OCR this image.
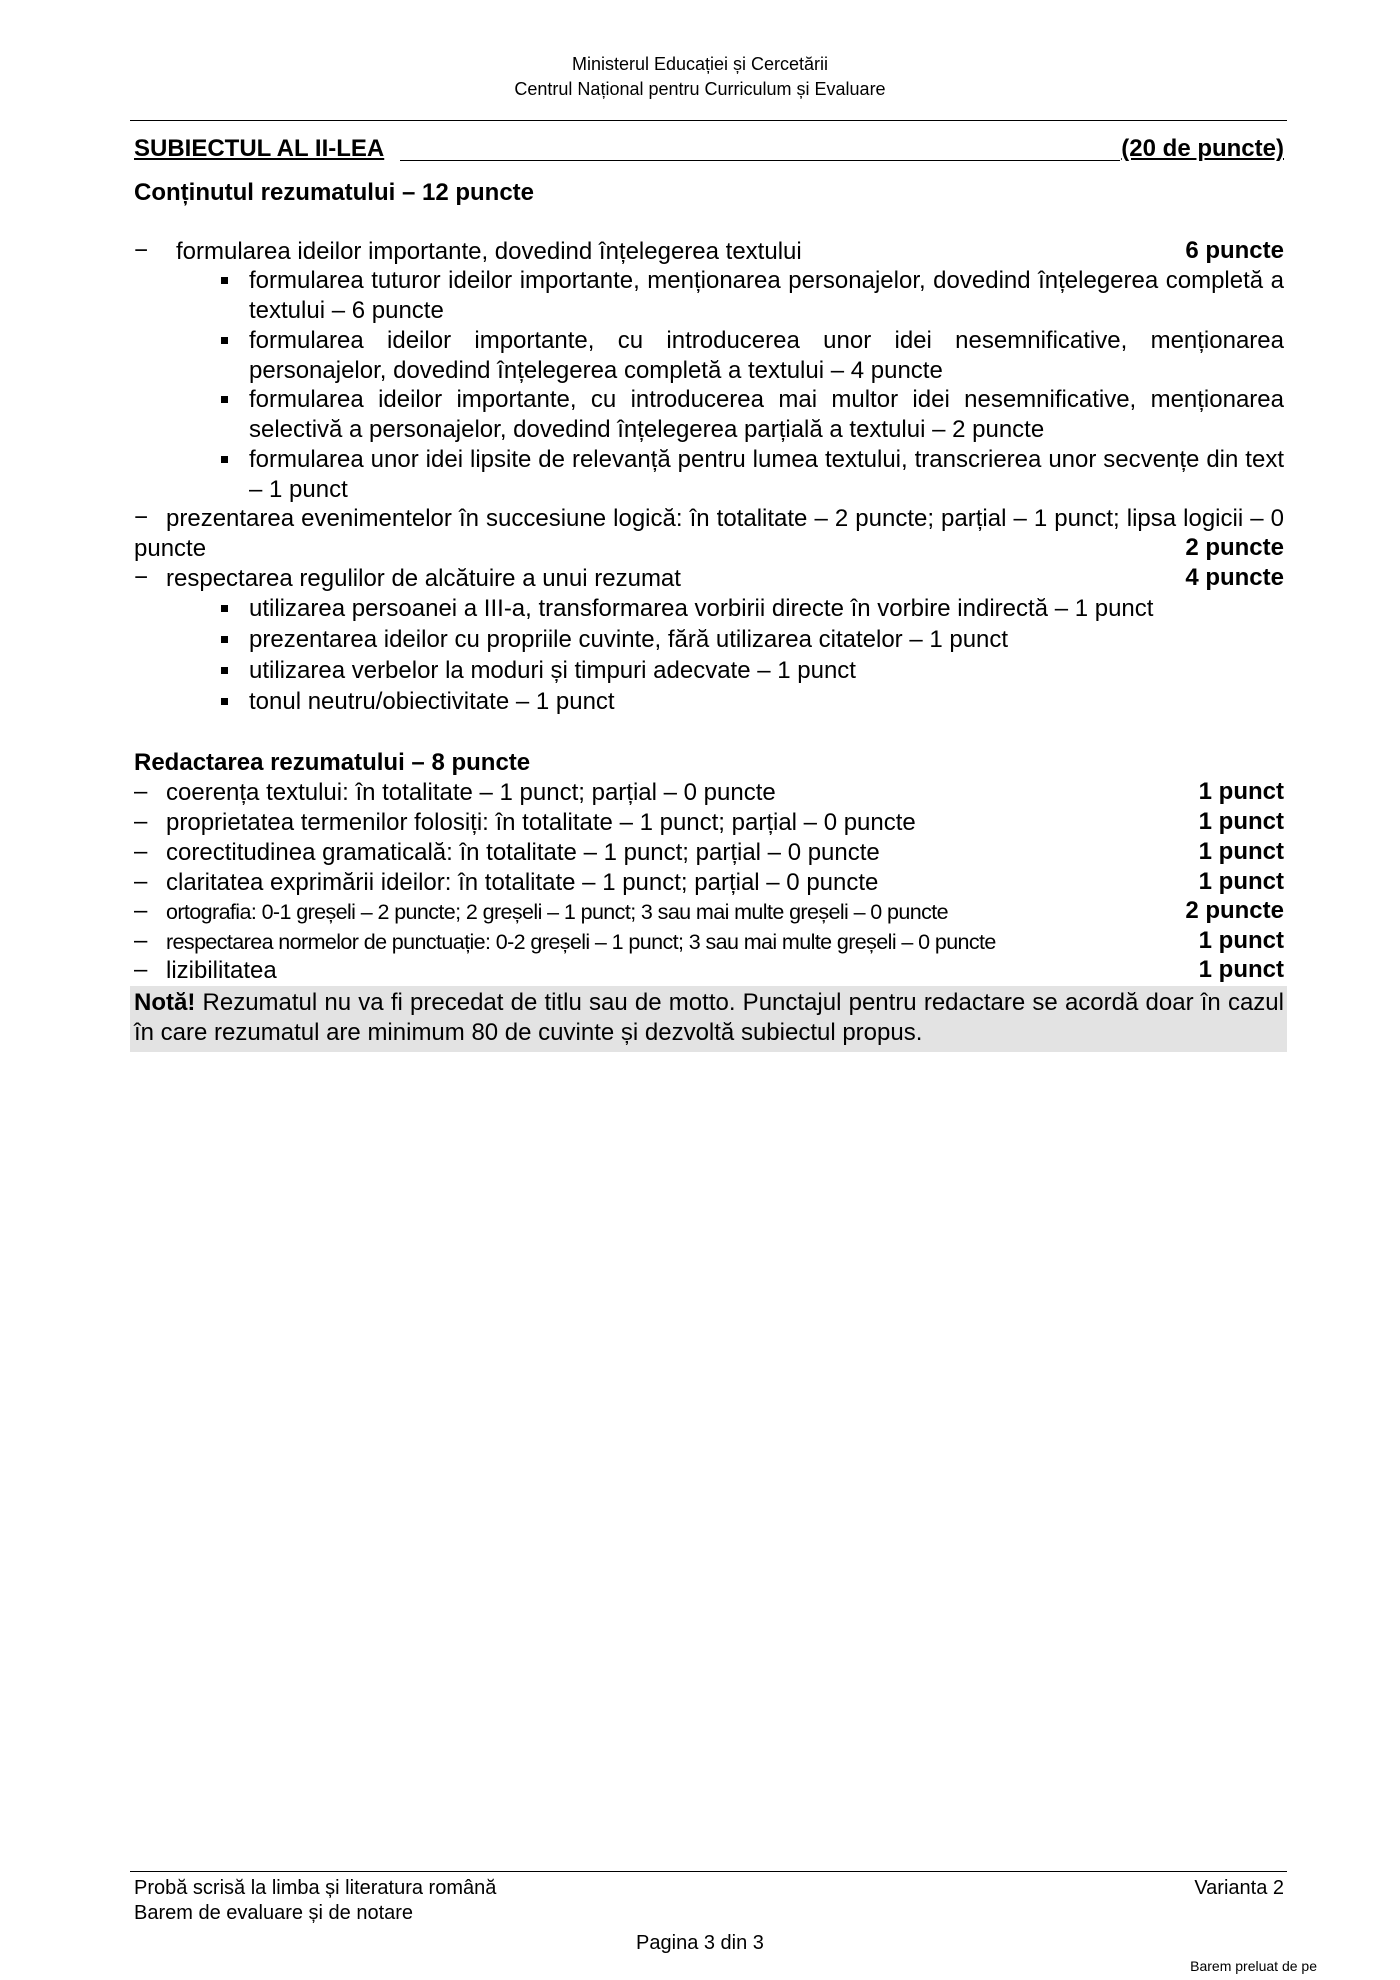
Ministerul Educației și Cercetării
Centrul Național pentru Curriculum și Evaluare
SUBIECTUL AL II-LEA	(20 de puncte)
Conținutul rezumatului – 12 puncte
− formularea ideilor importante, dovedind înțelegerea textului	6 puncte
formularea tuturor ideilor importante, menționarea personajelor, dovedind înțelegerea completă a textului – 6 puncte
formularea ideilor importante, cu introducerea unor idei nesemnificative, menționarea personajelor, dovedind înțelegerea completă a textului – 4 puncte
formularea ideilor importante, cu introducerea mai multor idei nesemnificative, menționarea selectivă a personajelor, dovedind înțelegerea parțială a textului – 2 puncte
formularea unor idei lipsite de relevanță pentru lumea textului, transcrierea unor secvențe din text – 1 punct
− prezentarea evenimentelor în succesiune logică: în totalitate – 2 puncte; parțial – 1 punct; lipsa logicii – 0 puncte	2 puncte
− respectarea regulilor de alcătuire a unui rezumat	4 puncte
utilizarea persoanei a III-a, transformarea vorbirii directe în vorbire indirectă – 1 punct
prezentarea ideilor cu propriile cuvinte, fără utilizarea citatelor – 1 punct
utilizarea verbelor la moduri și timpuri adecvate – 1 punct
tonul neutru/obiectivitate – 1 punct
Redactarea rezumatului – 8 puncte
– coerența textului: în totalitate – 1 punct; parțial – 0 puncte	1 punct
– proprietatea termenilor folosiți: în totalitate – 1 punct; parțial – 0 puncte	1 punct
– corectitudinea gramaticală: în totalitate – 1 punct; parțial – 0 puncte	1 punct
– claritatea exprimării ideilor: în totalitate – 1 punct; parțial – 0 puncte	1 punct
– ortografia: 0-1 greșeli – 2 puncte; 2 greșeli – 1 punct; 3 sau mai multe greșeli – 0 puncte	2 puncte
– respectarea normelor de punctuație: 0-2 greșeli – 1 punct; 3 sau mai multe greșeli – 0 puncte	1 punct
– lizibilitatea	1 punct
Notă! Rezumatul nu va fi precedat de titlu sau de motto. Punctajul pentru redactare se acordă doar în cazul în care rezumatul are minimum 80 de cuvinte și dezvoltă subiectul propus.
Probă scrisă la limba și literatura română
Barem de evaluare și de notare
Varianta 2
Pagina 3 din 3
Barem preluat de pe
